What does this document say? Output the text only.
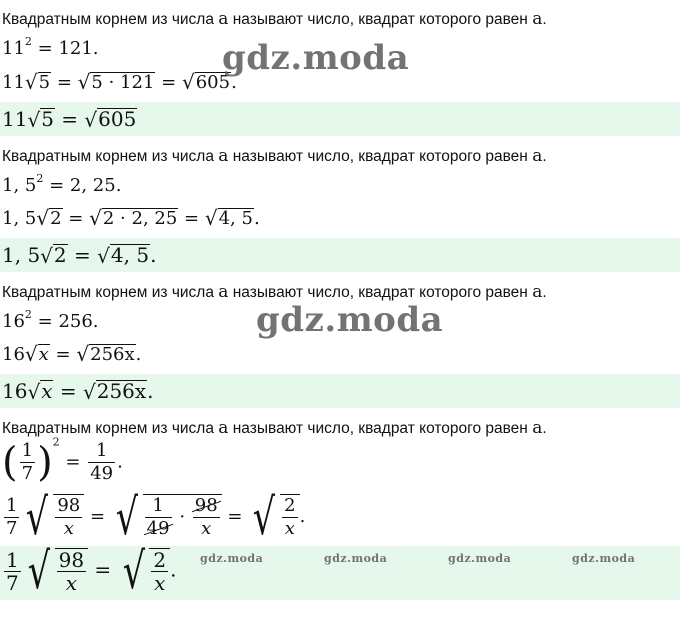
Квадратным корнем из числа a называют число, квадрат которого равен a.
$11^2 = 121$.
11√5 = √5 · 121 = √605.
11√5 = √605
Квадратным корнем из числа a называют число, квадрат которого равен a.
1, $5^2 = 2$, 25.
1, 5√2 = √2 · 2, 25 = √4, 5.
1, 5√2 = √4, 5.
Квадратным корнем из числа a называют число, квадрат которого равен a.
$16^2 = 256$.
16√x = √256x.
16√x = √256x.
Квадратным корнем из числа a называют число, квадрат которого равен a.
( $\frac{1}{7} )^2 = \frac{1}{49}$ .
$\frac{1}{7}$ √ $\frac{98}{x}$ = √ $\frac{1}{49} \cdot \frac{98}{x}$ = √ $\frac{2}{x}$ .
$\frac{1}{7}$ √ $\frac{98}{x}$ = √ $\frac{2}{x}$ .
gdz.moda
gdz.moda
gdz.moda	gdz.moda	gdz.moda	gdz.moda
